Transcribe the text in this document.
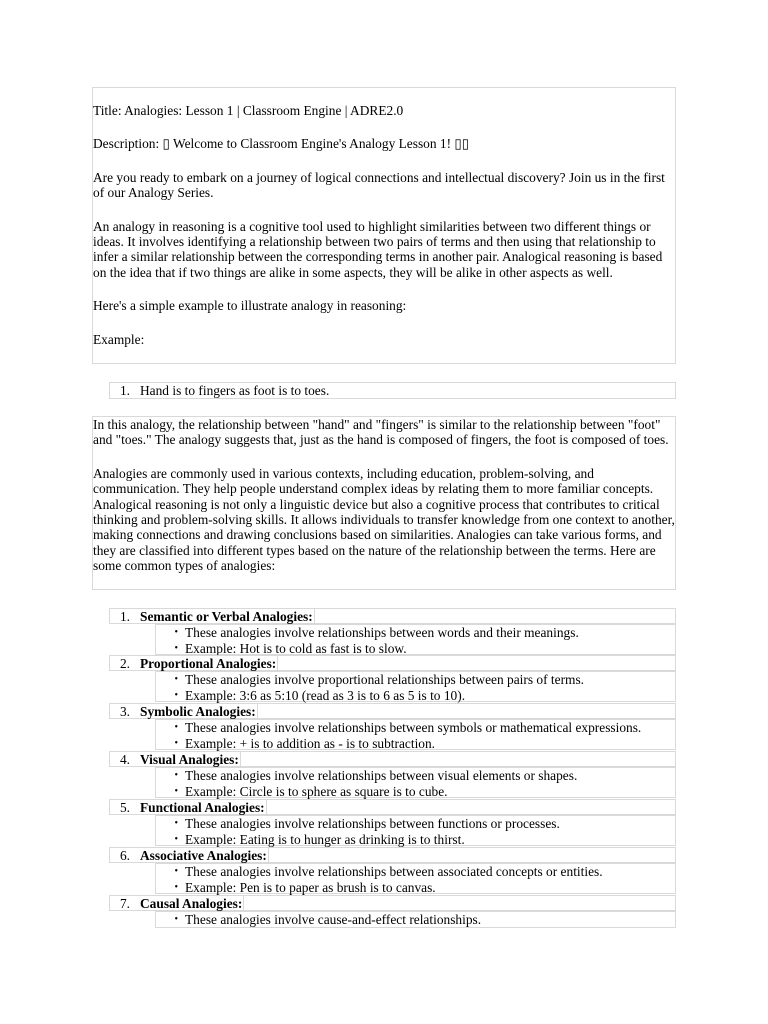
Title: Analogies: Lesson 1 | Classroom Engine | ADRE2.0

Description: ▯ Welcome to Classroom Engine's Analogy Lesson 1! ▯▯

Are you ready to embark on a journey of logical connections and intellectual discovery? Join us in the first of our Analogy Series.

An analogy in reasoning is a cognitive tool used to highlight similarities between two different things or ideas. It involves identifying a relationship between two pairs of terms and then using that relationship to infer a similar relationship between the corresponding terms in another pair. Analogical reasoning is based on the idea that if two things are alike in some aspects, they will be alike in other aspects as well.

Here's a simple example to illustrate analogy in reasoning:

Example:

1. Hand is to fingers as foot is to toes.

In this analogy, the relationship between "hand" and "fingers" is similar to the relationship between "foot" and "toes." The analogy suggests that, just as the hand is composed of fingers, the foot is composed of toes.

Analogies are commonly used in various contexts, including education, problem-solving, and communication. They help people understand complex ideas by relating them to more familiar concepts. Analogical reasoning is not only a linguistic device but also a cognitive process that contributes to critical thinking and problem-solving skills. It allows individuals to transfer knowledge from one context to another, making connections and drawing conclusions based on similarities. Analogies can take various forms, and they are classified into different types based on the nature of the relationship between the terms. Here are some common types of analogies:

1. Semantic or Verbal Analogies:
• These analogies involve relationships between words and their meanings.
• Example: Hot is to cold as fast is to slow.
2. Proportional Analogies:
• These analogies involve proportional relationships between pairs of terms.
• Example: 3:6 as 5:10 (read as 3 is to 6 as 5 is to 10).
3. Symbolic Analogies:
• These analogies involve relationships between symbols or mathematical expressions.
• Example: + is to addition as - is to subtraction.
4. Visual Analogies:
• These analogies involve relationships between visual elements or shapes.
• Example: Circle is to sphere as square is to cube.
5. Functional Analogies:
• These analogies involve relationships between functions or processes.
• Example: Eating is to hunger as drinking is to thirst.
6. Associative Analogies:
• These analogies involve relationships between associated concepts or entities.
• Example: Pen is to paper as brush is to canvas.
7. Causal Analogies:
• These analogies involve cause-and-effect relationships.
